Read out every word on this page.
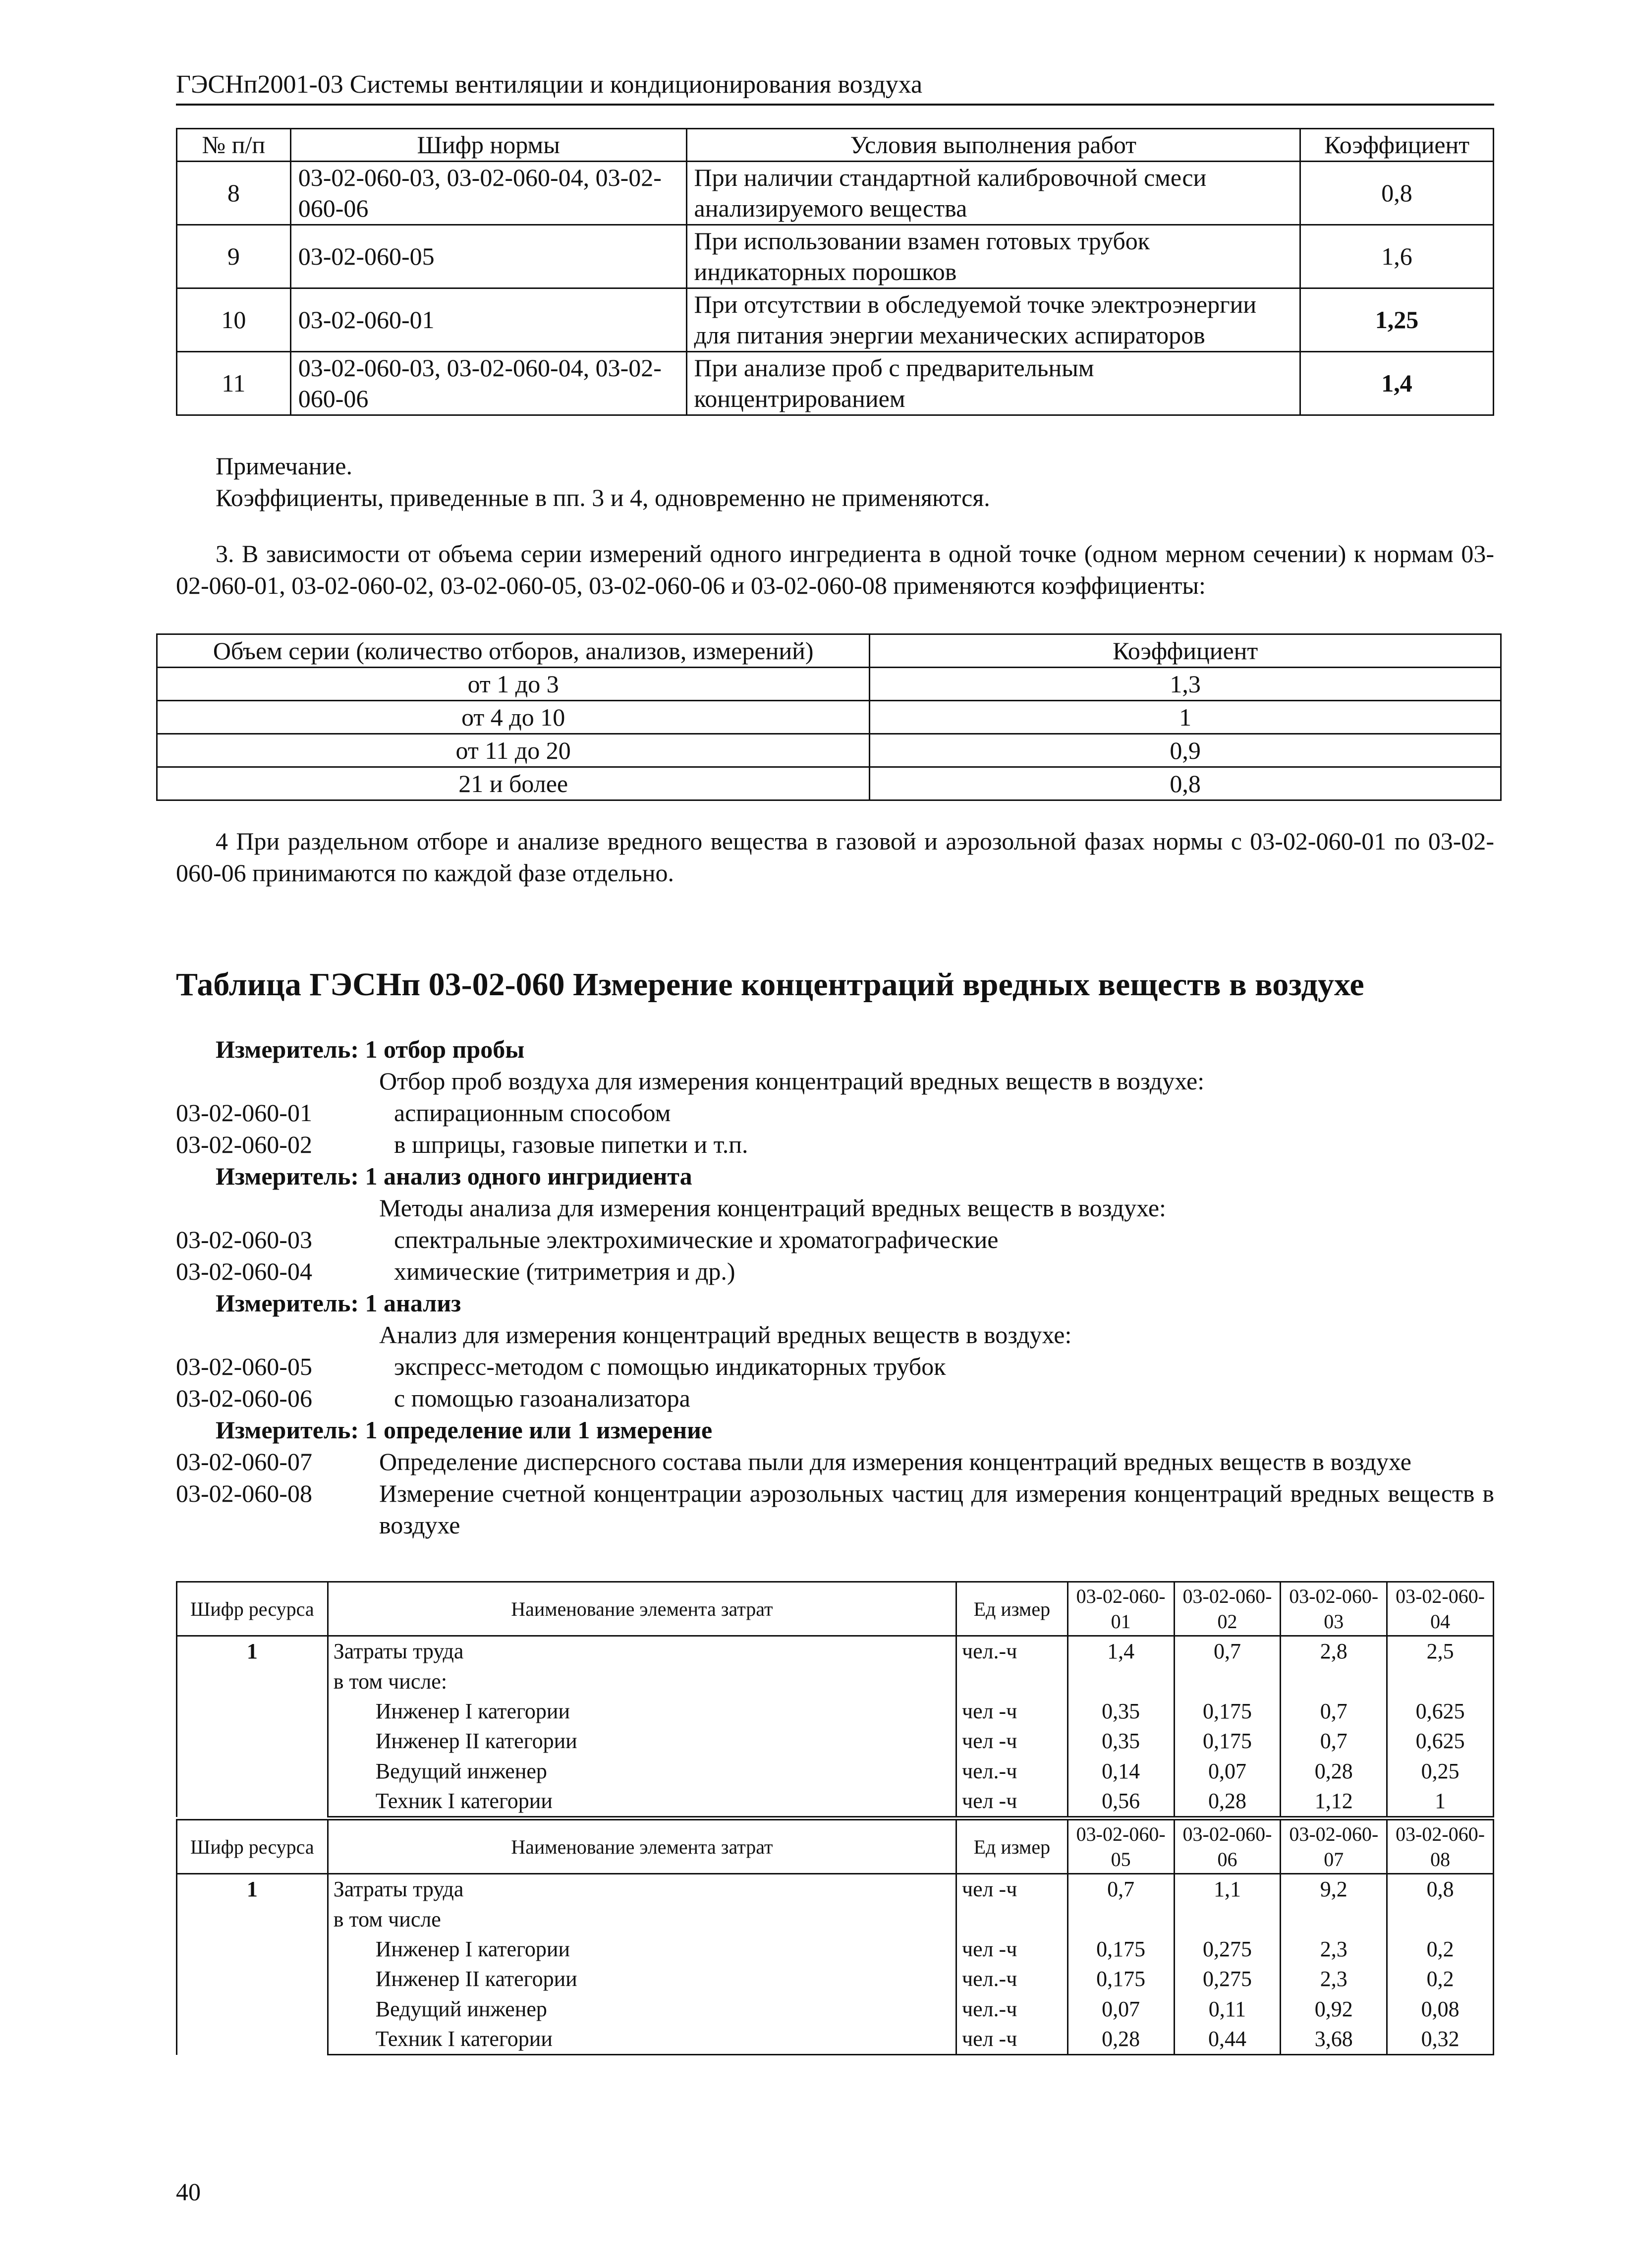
ГЭСНп2001-03 Системы вентиляции и кондиционирования воздуха
№ п/п	Шифр нормы	Условия выполнения работ	Коэффициент
8	03-02-060-03, 03-02-060-04, 03-02-060-06	При наличии стандартной калибровочной смеси анализируемого вещества	0,8
9	03-02-060-05	При использовании взамен готовых трубок индикаторных порошков	1,6
10	03-02-060-01	При отсутствии в обследуемой точке электроэнергии для питания энергии механических аспираторов	1,25
11	03-02-060-03, 03-02-060-04, 03-02-060-06	При анализе проб с предварительным концентрированием	1,4
Примечание.
Коэффициенты, приведенные в пп. 3 и 4, одновременно не применяются.
3. В зависимости от объема серии измерений одного ингредиента в одной точке (одном мерном сечении) к нормам 03-02-060-01, 03-02-060-02, 03-02-060-05, 03-02-060-06 и 03-02-060-08 применяются коэффициенты:
Объем серии (количество отборов, анализов, измерений)	Коэффициент
от 1 до 3	1,3
от 4 до 10	1
от 11 до 20	0,9
21 и более	0,8
4 При раздельном отборе и анализе вредного вещества в газовой и аэрозольной фазах нормы с 03-02-060-01 по 03-02-060-06 принимаются по каждой фазе отдельно.
Таблица ГЭСНп 03-02-060 Измерение концентраций вредных веществ в воздухе
Измеритель: 1 отбор пробы
Отбор проб воздуха для измерения концентраций вредных веществ в воздухе:
03-02-060-01	аспирационным способом
03-02-060-02	в шприцы, газовые пипетки и т.п.
Измеритель: 1 анализ одного ингридиента
Методы анализа для измерения концентраций вредных веществ в воздухе:
03-02-060-03	спектральные электрохимические и хроматографические
03-02-060-04	химические (титриметрия и др.)
Измеритель: 1 анализ
Анализ для измерения концентраций вредных веществ в воздухе:
03-02-060-05	экспресс-методом с помощью индикаторных трубок
03-02-060-06	с помощью газоанализатора
Измеритель: 1 определение или 1 измерение
03-02-060-07	Определение дисперсного состава пыли для измерения концентраций вредных веществ в воздухе
03-02-060-08	Измерение счетной концентрации аэрозольных частиц для измерения концентраций вредных веществ в воздухе
Шифр ресурса	Наименование элемента затрат	Ед измер	03-02-060-01	03-02-060-02	03-02-060-03	03-02-060-04
1	Затраты труда	чел.-ч	1,4	0,7	2,8	2,5
	в том числе:					
	Инженер I категории	чел -ч	0,35	0,175	0,7	0,625
	Инженер II категории	чел -ч	0,35	0,175	0,7	0,625
	Ведущий инженер	чел.-ч	0,14	0,07	0,28	0,25
	Техник I категории	чел -ч	0,56	0,28	1,12	1
Шифр ресурса	Наименование элемента затрат	Ед измер	03-02-060-05	03-02-060-06	03-02-060-07	03-02-060-08
1	Затраты труда	чел -ч	0,7	1,1	9,2	0,8
	в том числе					
	Инженер I категории	чел -ч	0,175	0,275	2,3	0,2
	Инженер II категории	чел.-ч	0,175	0,275	2,3	0,2
	Ведущий инженер	чел.-ч	0,07	0,11	0,92	0,08
	Техник I категории	чел -ч	0,28	0,44	3,68	0,32
40
